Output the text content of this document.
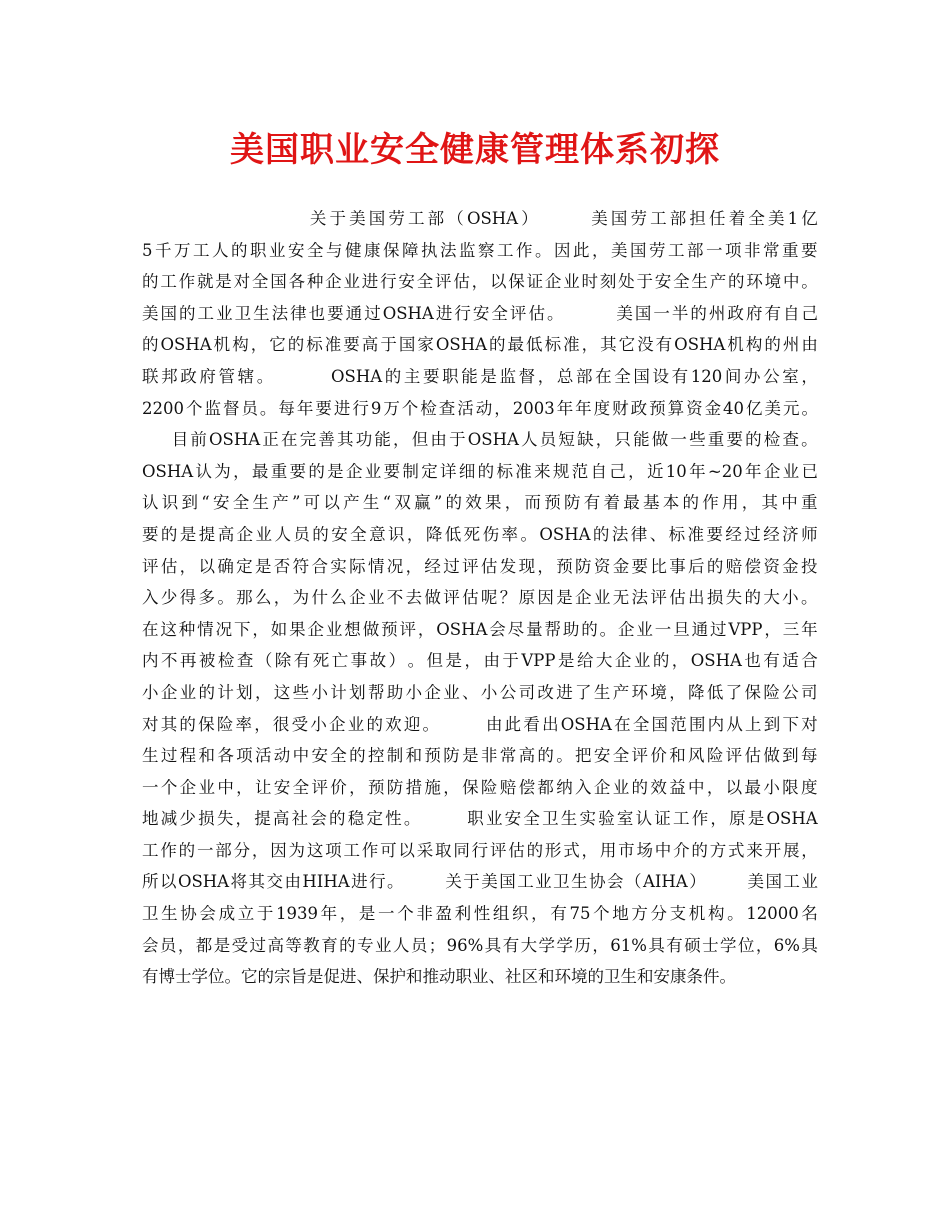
美国职业安全健康管理体系初探

关 于 美 国 劳 工 部 （ OSHA ）

	美 国 劳 工 部 担 任 着 全 美 1 亿
5 千 万 工 人 的 职 业 安 全 与 健 康 保 障 执 法 监 察 工 作 。 因 此 ， 美 国 劳 工 部 一 项 非 常 重 要
的 工 作 就 是 对 全 国 各 种 企 业 进 行 安 全 评 估 ， 以 保 证 企 业 时 刻 处 于 安 全 生 产 的 环 境 中 。
美 国 的 工 业 卫 生 法 律 也 要 通 过 OSHA 进 行 安 全 评 估 。

	美 国 一 半 的 州 政 府 有 自 己
的 OSHA 机 构 ， 它 的 标 准 要 高 于 国 家 OSHA 的 最 低 标 准 ， 其 它 没 有 OSHA 机 构 的 州 由
联 邦 政 府 管 辖 。

	OSHA 的 主 要 职 能 是 监 督 ， 总 部 在 全 国 设 有 120 间 办 公 室 ，
2200 个 监 督 员 。 每 年 要 进 行 9 万 个 检 查 活 动 ， 2003 年 年 度 财 政 预 算 资 金 40 亿 美 元 。

目 前 OSHA 正 在 完 善 其 功 能 ， 但 由 于 OSHA 人 员 短 缺 ， 只 能 做 一 些 重 要 的 检 查 。
OSHA 认 为 ， 最 重 要 的 是 企 业 要 制 定 详 细 的 标 准 来 规 范 自 己 ， 近 10 年 ~20 年 企 业 已
认 识 到 “ 安 全 生 产 ” 可 以 产 生 “ 双 赢 ” 的 效 果 ， 而 预 防 有 着 最 基 本 的 作 用 ， 其 中 重
要 的 是 提 高 企 业 人 员 的 安 全 意 识 ， 降 低 死 伤 率 。 OSHA 的 法 律 、 标 准 要 经 过 经 济 师
评 估 ， 以 确 定 是 否 符 合 实 际 情 况 ， 经 过 评 估 发 现 ， 预 防 资 金 要 比 事 后 的 赔 偿 资 金 投
入 少 得 多 。 那 么 ， 为 什 么 企 业 不 去 做 评 估 呢 ？ 原 因 是 企 业 无 法 评 估 出 损 失 的 大 小 。
在 这 种 情 况 下 ， 如 果 企 业 想 做 预 评 ， OSHA 会 尽 量 帮 助 的 。 企 业 一 旦 通 过 VPP ， 三 年
内 不 再 被 检 查 （ 除 有 死 亡 事 故 ） 。 但 是 ， 由 于 VPP 是 给 大 企 业 的 ， OSHA 也 有 适 合
小 企 业 的 计 划 ， 这 些 小 计 划 帮 助 小 企 业 、 小 公 司 改 进 了 生 产 环 境 ， 降 低 了 保 险 公 司
对 其 的 保 险 率 ， 很 受 小 企 业 的 欢 迎 。

	由 此 看 出 OSHA 在 全 国 范 围 内 从 上 到 下 对
生 过 程 和 各 项 活 动 中 安 全 的 控 制 和 预 防 是 非 常 高 的 。 把 安 全 评 价 和 风 险 评 估 做 到 每
一 个 企 业 中 ， 让 安 全 评 价 ， 预 防 措 施 ， 保 险 赔 偿 都 纳 入 企 业 的 效 益 中 ， 以 最 小 限 度
地 减 少 损 失 ， 提 高 社 会 的 稳 定 性 。

	职 业 安 全 卫 生 实 验 室 认 证 工 作 ， 原 是 OSHA
工 作 的 一 部 分 ， 因 为 这 项 工 作 可 以 采 取 同 行 评 估 的 形 式 ， 用 市 场 中 介 的 方 式 来 开 展 ，
所 以 OSHA 将 其 交 由 HIHA 进 行 。

	关 于 美 国 工 业 卫 生 协 会 （ AIHA ）

	美 国 工 业
卫 生 协 会 成 立 于 1939 年 ， 是 一 个 非 盈 利 性 组 织 ， 有 75 个 地 方 分 支 机 构 。 12000 名
会 员 ， 都 是 受 过 高 等 教 育 的 专 业 人 员 ； 96% 具 有 大 学 学 历 ， 61% 具 有 硕 士 学 位 ， 6% 具
有 博 士 学 位 。 它 的 宗 旨 是 促 进 、 保 护 和 推 动 职 业 、 社 区 和 环 境 的 卫 生 和 安 康 条 件 。
